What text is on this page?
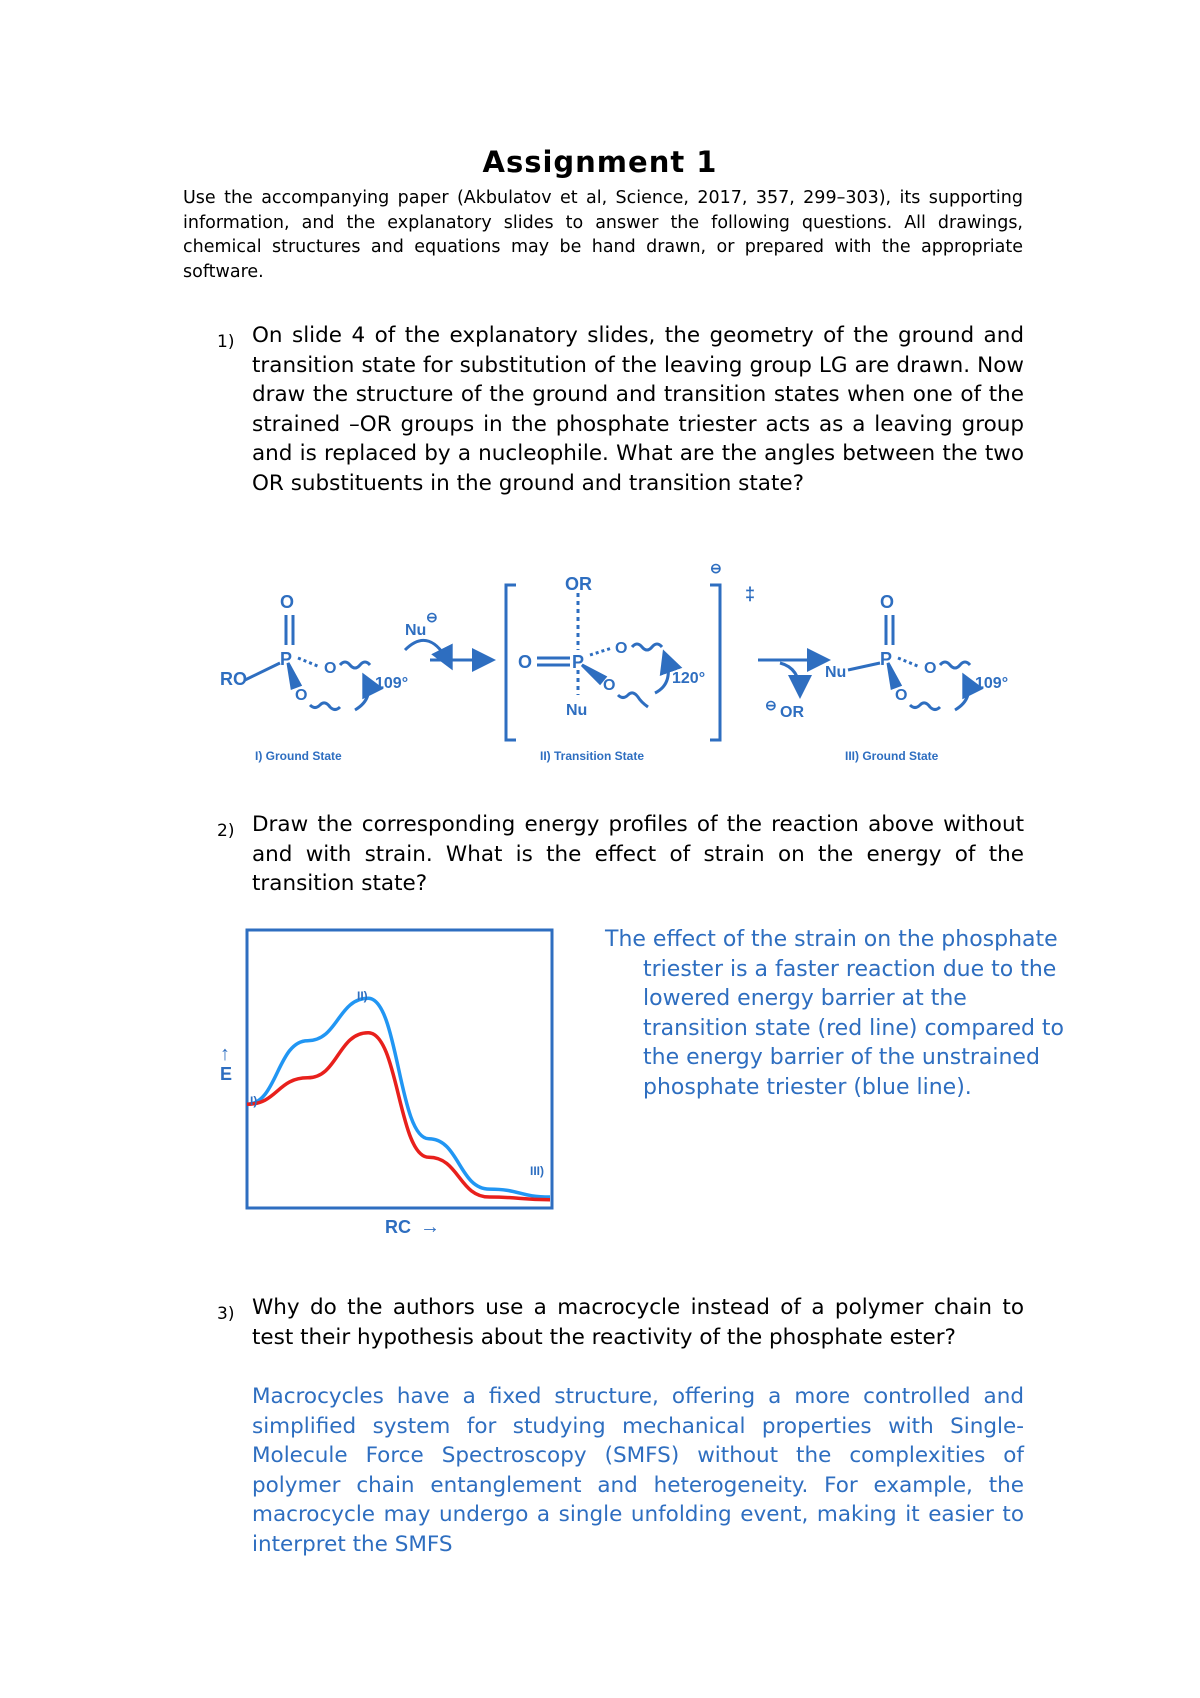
Assignment 1
Use the accompanying paper (Akbulatov et al, Science, 2017, 357, 299–303), its supporting information, and the explanatory slides to answer the following questions. All drawings, chemical structures and equations may be hand drawn, or prepared with the appropriate software.
1) On slide 4 of the explanatory slides, the geometry of the ground and transition state for substitution of the leaving group LG are drawn. Now draw the structure of the ground and transition states when one of the strained –OR groups in the phosphate triester acts as a leaving group and is replaced by a nucleophile. What are the angles between the two OR substituents in the ground and transition state?
O
P
RO
O
O
109°
I) Ground State
Nu
⊖
OR
O P
O
O
Nu
120°
II) Transition State
‡
⊖
⊖ OR
O
P
Nu	O
O
109°
III) Ground State
2) Draw the corresponding energy profiles of the reaction above without and with strain. What is the effect of strain on the energy of the transition state?
I)
II)
III)
↑
E
RC →
The effect of the strain on the phosphate triester is a faster reaction due to the lowered energy barrier at the transition state (red line) compared to the energy barrier of the unstrained phosphate triester (blue line).
3) Why do the authors use a macrocycle instead of a polymer chain to test their hypothesis about the reactivity of the phosphate ester?
Macrocycles have a fixed structure, offering a more controlled and simplified system for studying mechanical properties with Single-Molecule Force Spectroscopy (SMFS) without the complexities of polymer chain entanglement and heterogeneity. For example, the macrocycle may undergo a single unfolding event, making it easier to interpret the SMFS
